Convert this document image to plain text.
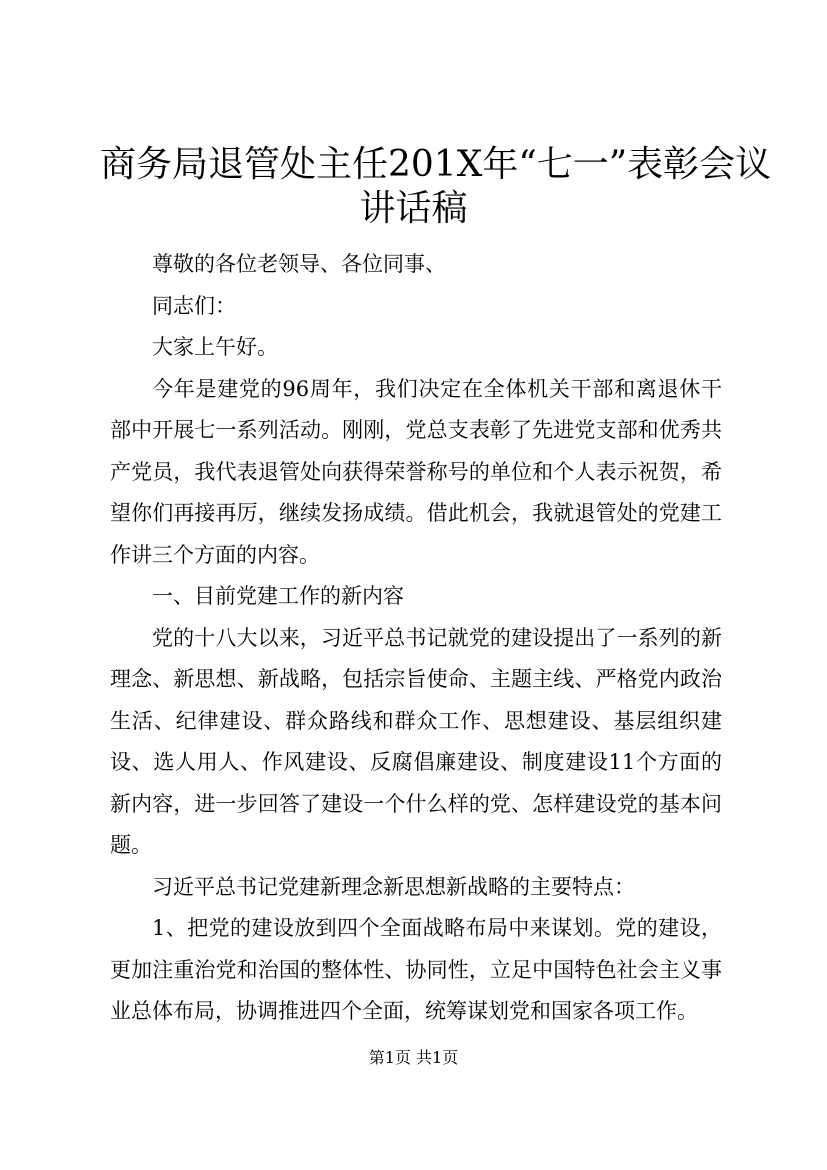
商务局退管处主任201X年“七一”表彰会议
讲话稿

尊敬的各位老领导、各位同事、

同志们：

大家上午好。

今年是建党的96周年，我们决定在全体机关干部和离退休干部中开展七一系列活动。刚刚，党总支表彰了先进党支部和优秀共产党员，我代表退管处向获得荣誉称号的单位和个人表示祝贺，希望你们再接再厉，继续发扬成绩。借此机会，我就退管处的党建工作讲三个方面的内容。

一、目前党建工作的新内容

党的十八大以来，习近平总书记就党的建设提出了一系列的新理念、新思想、新战略，包括宗旨使命、主题主线、严格党内政治生活、纪律建设、群众路线和群众工作、思想建设、基层组织建设、选人用人、作风建设、反腐倡廉建设、制度建设11个方面的新内容，进一步回答了建设一个什么样的党、怎样建设党的基本问题。

习近平总书记党建新理念新思想新战略的主要特点：

1、把党的建设放到四个全面战略布局中来谋划。党的建设，更加注重治党和治国的整体性、协同性，立足中国特色社会主义事业总体布局，协调推进四个全面，统筹谋划党和国家各项工作。

第1页 共1页
